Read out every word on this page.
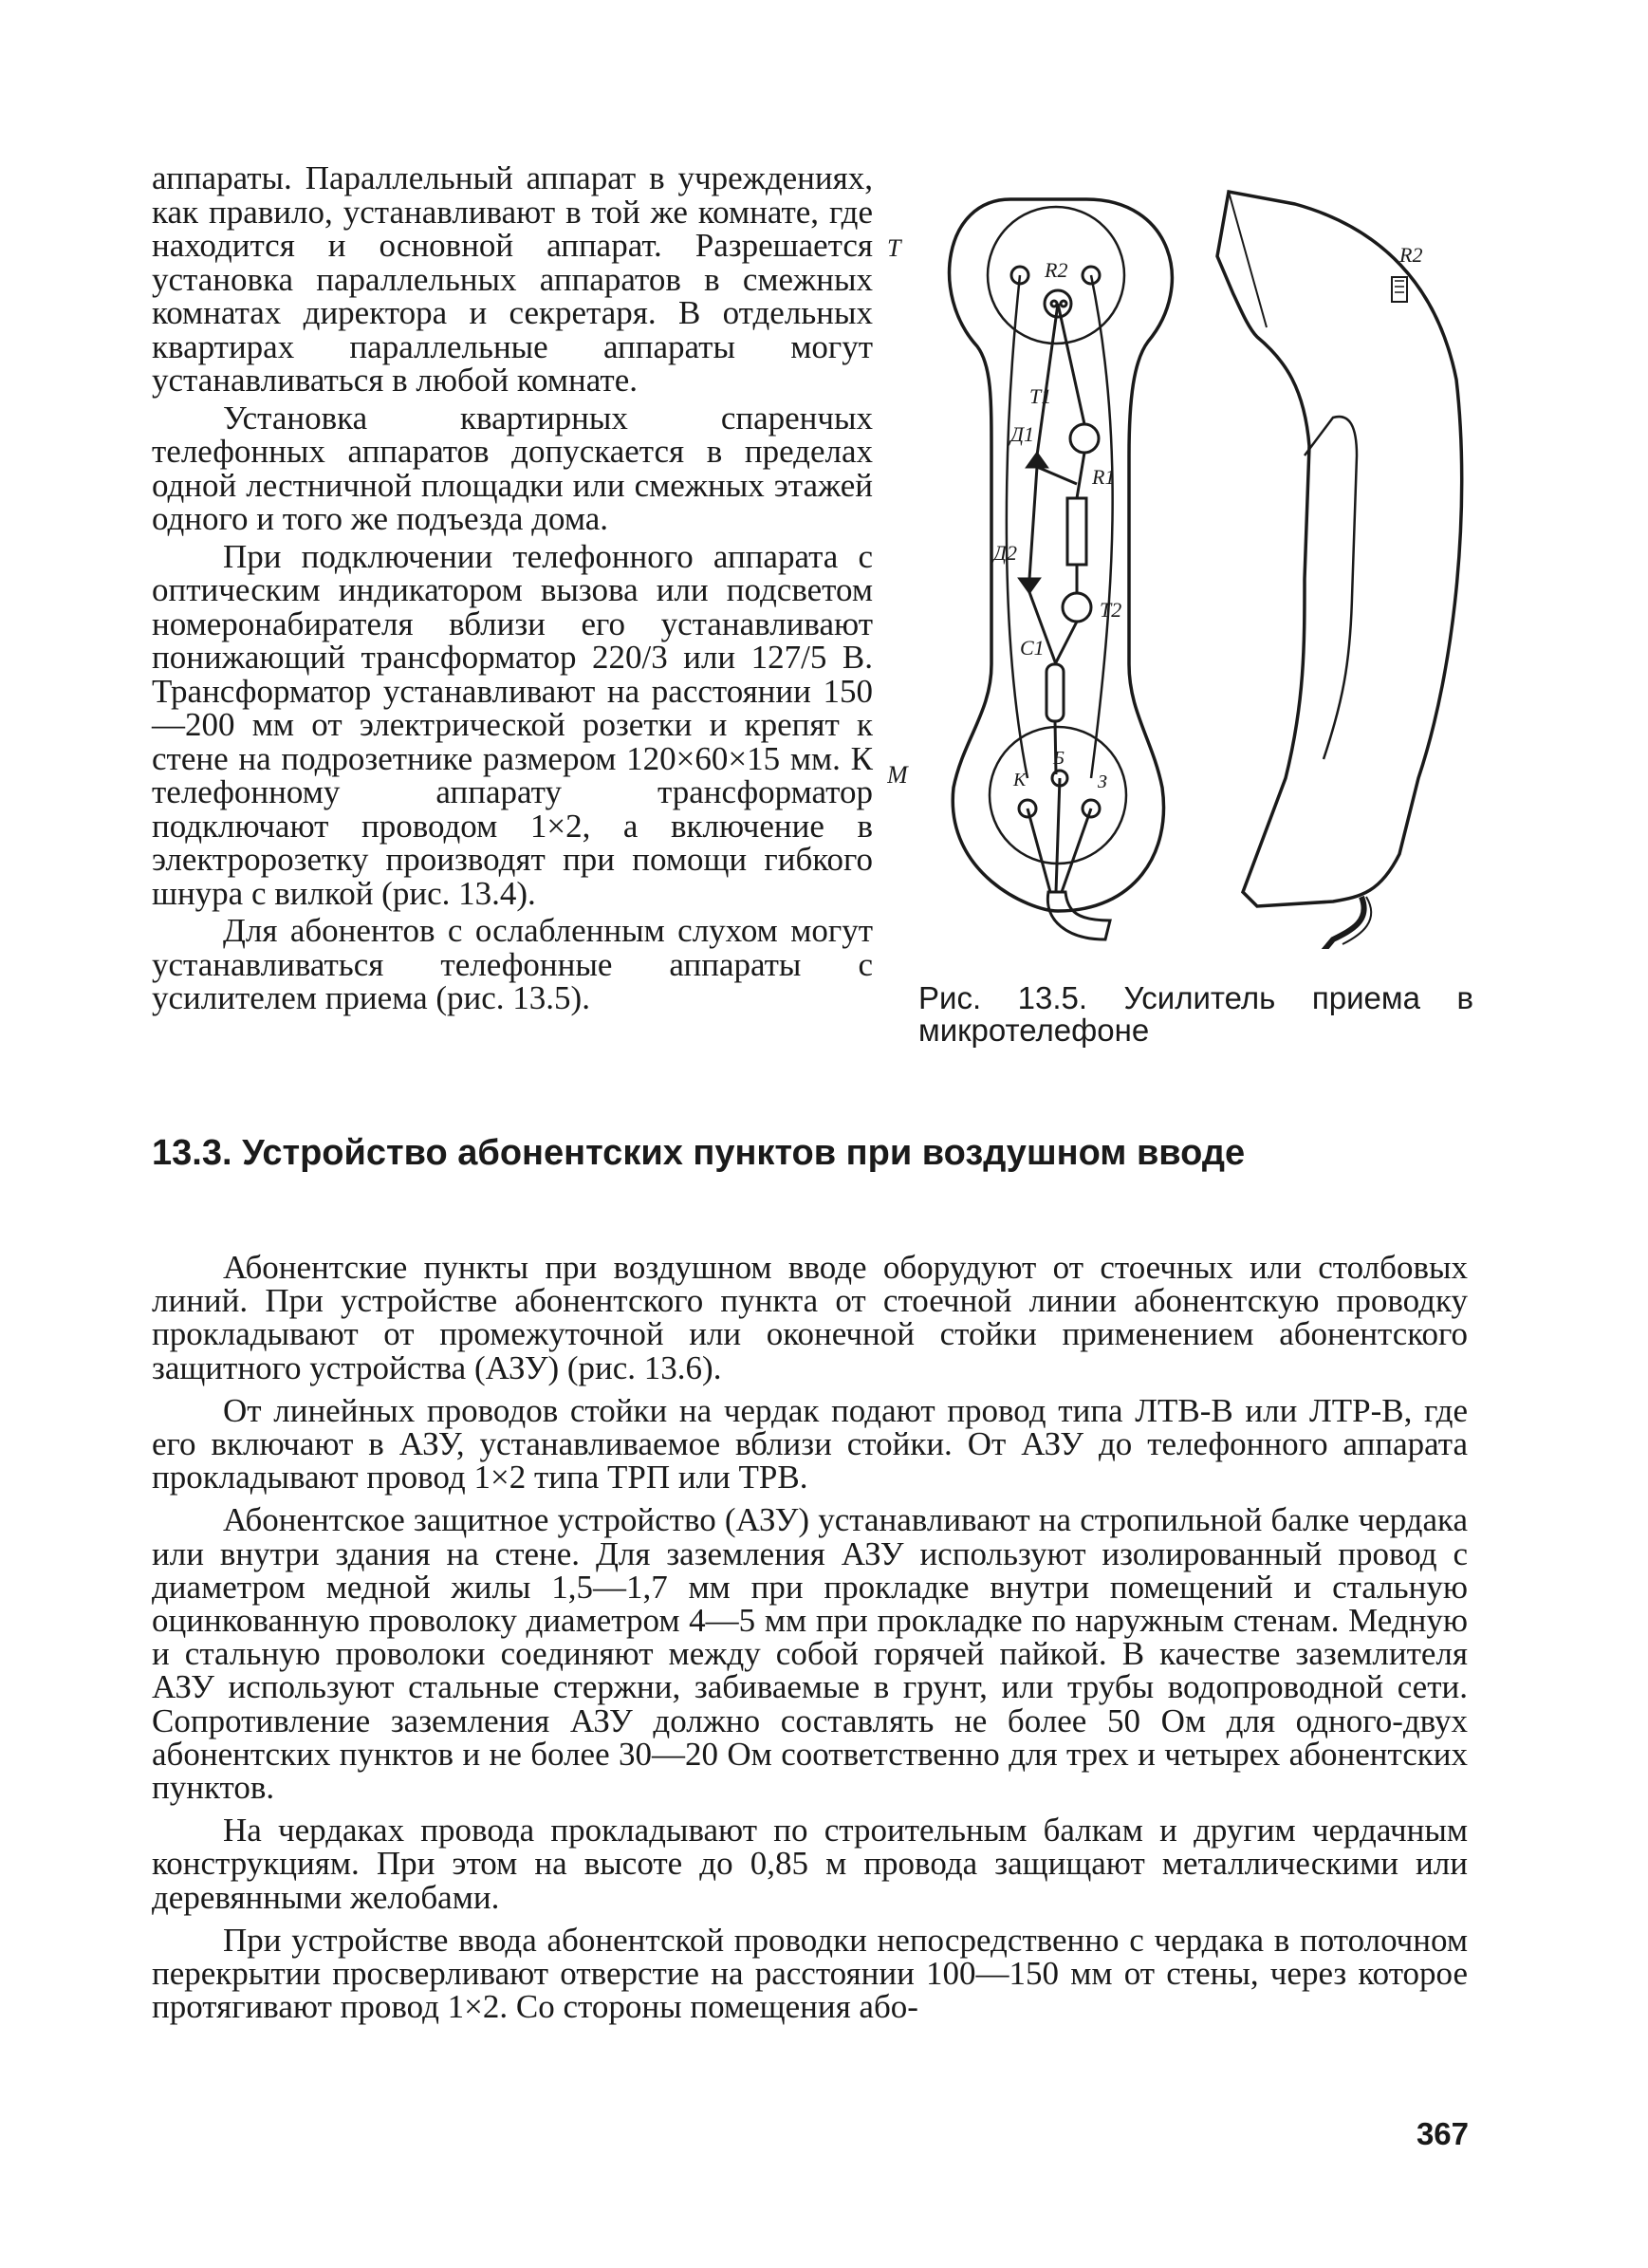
аппараты. Параллельный аппарат в учреждениях, как правило, устанавливают в той же комнате, где находится и основной аппарат. Разрешается установка параллельных аппаратов в смежных комнатах директора и секретаря. В отдельных квартирах параллельные аппараты могут устанавливаться в любой комнате.

Установка квартирных спаренчых телефонных аппаратов допускается в пределах одной лестничной площадки или смежных этажей одного и того же подъезда дома.

При подключении телефонного аппарата с оптическим индикатором вызова или подсветом номеронабирателя вблизи его устанавливают понижающий трансформатор 220/3 или 127/5 В. Трансформатор устанавливают на расстоянии 150—200 мм от электрической розетки и крепят к стене на подрозетнике размером 120×60×15 мм. К телефонному аппарату трансформатор подключают проводом 1×2, а включение в электророзетку производят при помощи гибкого шнура с вилкой (рис. 13.4).

Для абонентов с ослабленным слухом могут устанавливаться телефонные аппараты с усилителем приема (рис. 13.5).

Т
М
R2
T1
Д1
R1
Д2
T2
C1
К
Б
З
R2
Рис. 13.5. Усилитель приема в
микротелефоне
13.3. Устройство абонентских пунктов при воздушном вводе

Абонентские пункты при воздушном вводе оборудуют от стоечных или столбовых линий. При устройстве абонентского пункта от стоечной линии абонентскую проводку прокладывают от промежуточной или оконечной стойки применением абонентского защитного устройства (АЗУ) (рис. 13.6).

От линейных проводов стойки на чердак подают провод типа ЛТВ-В или ЛТР-В, где его включают в АЗУ, устанавливаемое вблизи стойки. От АЗУ до телефонного аппарата прокладывают провод 1×2 типа ТРП или ТРВ.

Абонентское защитное устройство (АЗУ) устанавливают на стропильной балке чердака или внутри здания на стене. Для заземления АЗУ используют изолированный провод с диаметром медной жилы 1,5—1,7 мм при прокладке внутри помещений и стальную оцинкованную проволоку диаметром 4—5 мм при прокладке по наружным стенам. Медную и стальную проволоки соединяют между собой горячей пайкой. В качестве заземлителя АЗУ используют стальные стержни, забиваемые в грунт, или трубы водопроводной сети. Сопротивление заземления АЗУ должно составлять не более 50 Ом для одного-двух абонентских пунктов и не более 30—20 Ом соответственно для трех и четырех абонентских пунктов.

На чердаках провода прокладывают по строительным балкам и другим чердачным конструкциям. При этом на высоте до 0,85 м провода защищают металлическими или деревянными желобами.

При устройстве ввода абонентской проводки непосредственно с чердака в потолочном перекрытии просверливают отверстие на расстоянии 100—150 мм от стены, через которое протягивают провод 1×2. Со стороны помещения або-

367
